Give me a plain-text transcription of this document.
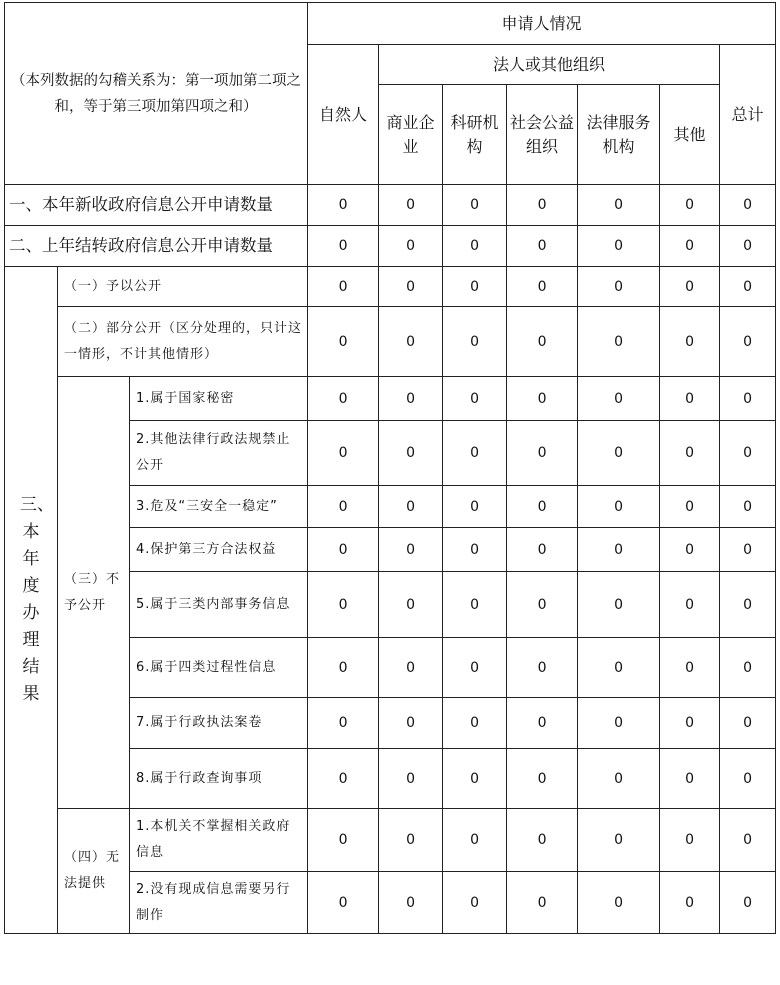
（本列数据的勾稽关系为：第一项加第二项之和，等于第三项加第四项之和）			申请人情况						
			自然人	法人或其他组织					总计
				商业企业	科研机构	社会公益组织	法律服务机构	其他	
一、本年新收政府信息公开申请数量			0	0	0	0	0	0	0
二、上年结转政府信息公开申请数量			0	0	0	0	0	0	0

三、本年度办理结果	（一）予以公开		0	0	0	0	0	0	0
	（二）部分公开（区分处理的，只计这一情形，不计其他情形）		0	0	0	0	0	0	0
	（三）不予公开	1.属于国家秘密	0	0	0	0	0	0	0
		2.其他法律行政法规禁止公开	0	0	0	0	0	0	0
		3.危及“三安全一稳定”	0	0	0	0	0	0	0
		4.保护第三方合法权益	0	0	0	0	0	0	0
		5.属于三类内部事务信息	0	0	0	0	0	0	0
		6.属于四类过程性信息	0	0	0	0	0	0	0
		7.属于行政执法案卷	0	0	0	0	0	0	0
		8.属于行政查询事项	0	0	0	0	0	0	0
	（四）无法提供	1.本机关不掌握相关政府信息	0	0	0	0	0	0	0
		2.没有现成信息需要另行制作	0	0	0	0	0	0	0
